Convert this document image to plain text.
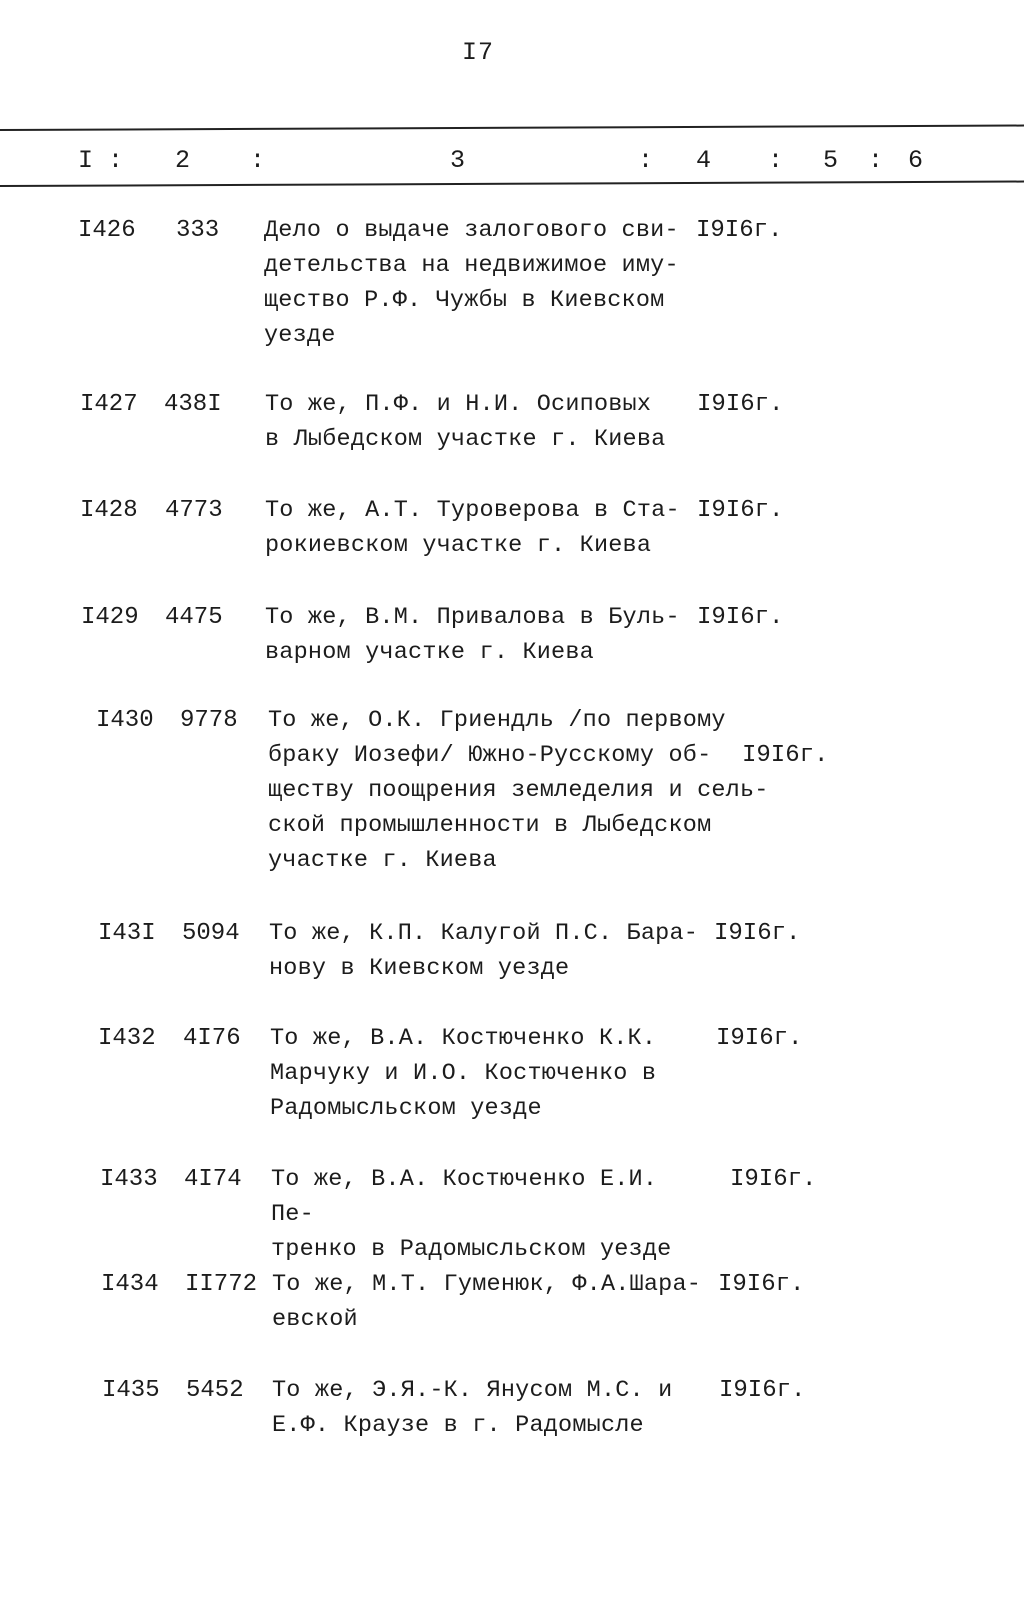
I7
I : 2 :	3	: 4 : 5 : 6
I426 333 Дело о выдаче залогового сви-
детельства на недвижимое иму-
щество Р.Ф. Чужбы в Киевском
уезде
I9I6г.
I427 438I То же, П.Ф. и Н.И. Осиповых
в Лыбедском участке г. Киева
I9I6г.
I428 4773 То же, А.Т. Туроверова в Ста-
рокиевском участке г. Киева
I9I6г.
I429 4475 То же, В.М. Привалова в Буль-
варном участке г. Киева
I9I6г.
I430 9778 То же, О.К. Гриендль /по первому
браку Иозефи/ Южно-Русскому об-
ществу поощрения земледелия и сель-
ской промышленности в Лыбедском
участке г. Киева
I9I6г.
I43I 5094 То же, К.П. Калугой П.С. Бара-
нову в Киевском уезде
I9I6г.
I432 4I76 То же, В.А. Костюченко К.К.
Марчуку и И.О. Костюченко в
Радомысльском уезде
I9I6г.
I433 4I74 То же, В.А. Костюченко Е.И. Пе-
тренко в Радомысльском уезде
I9I6г.
I434 II772 То же, М.Т. Гуменюк, Ф.А.Шара-
евской
I9I6г.
I435 5452 То же, Э.Я.-К. Янусом М.С. и
Е.Ф. Краузе в г. Радомысле
I9I6г.
